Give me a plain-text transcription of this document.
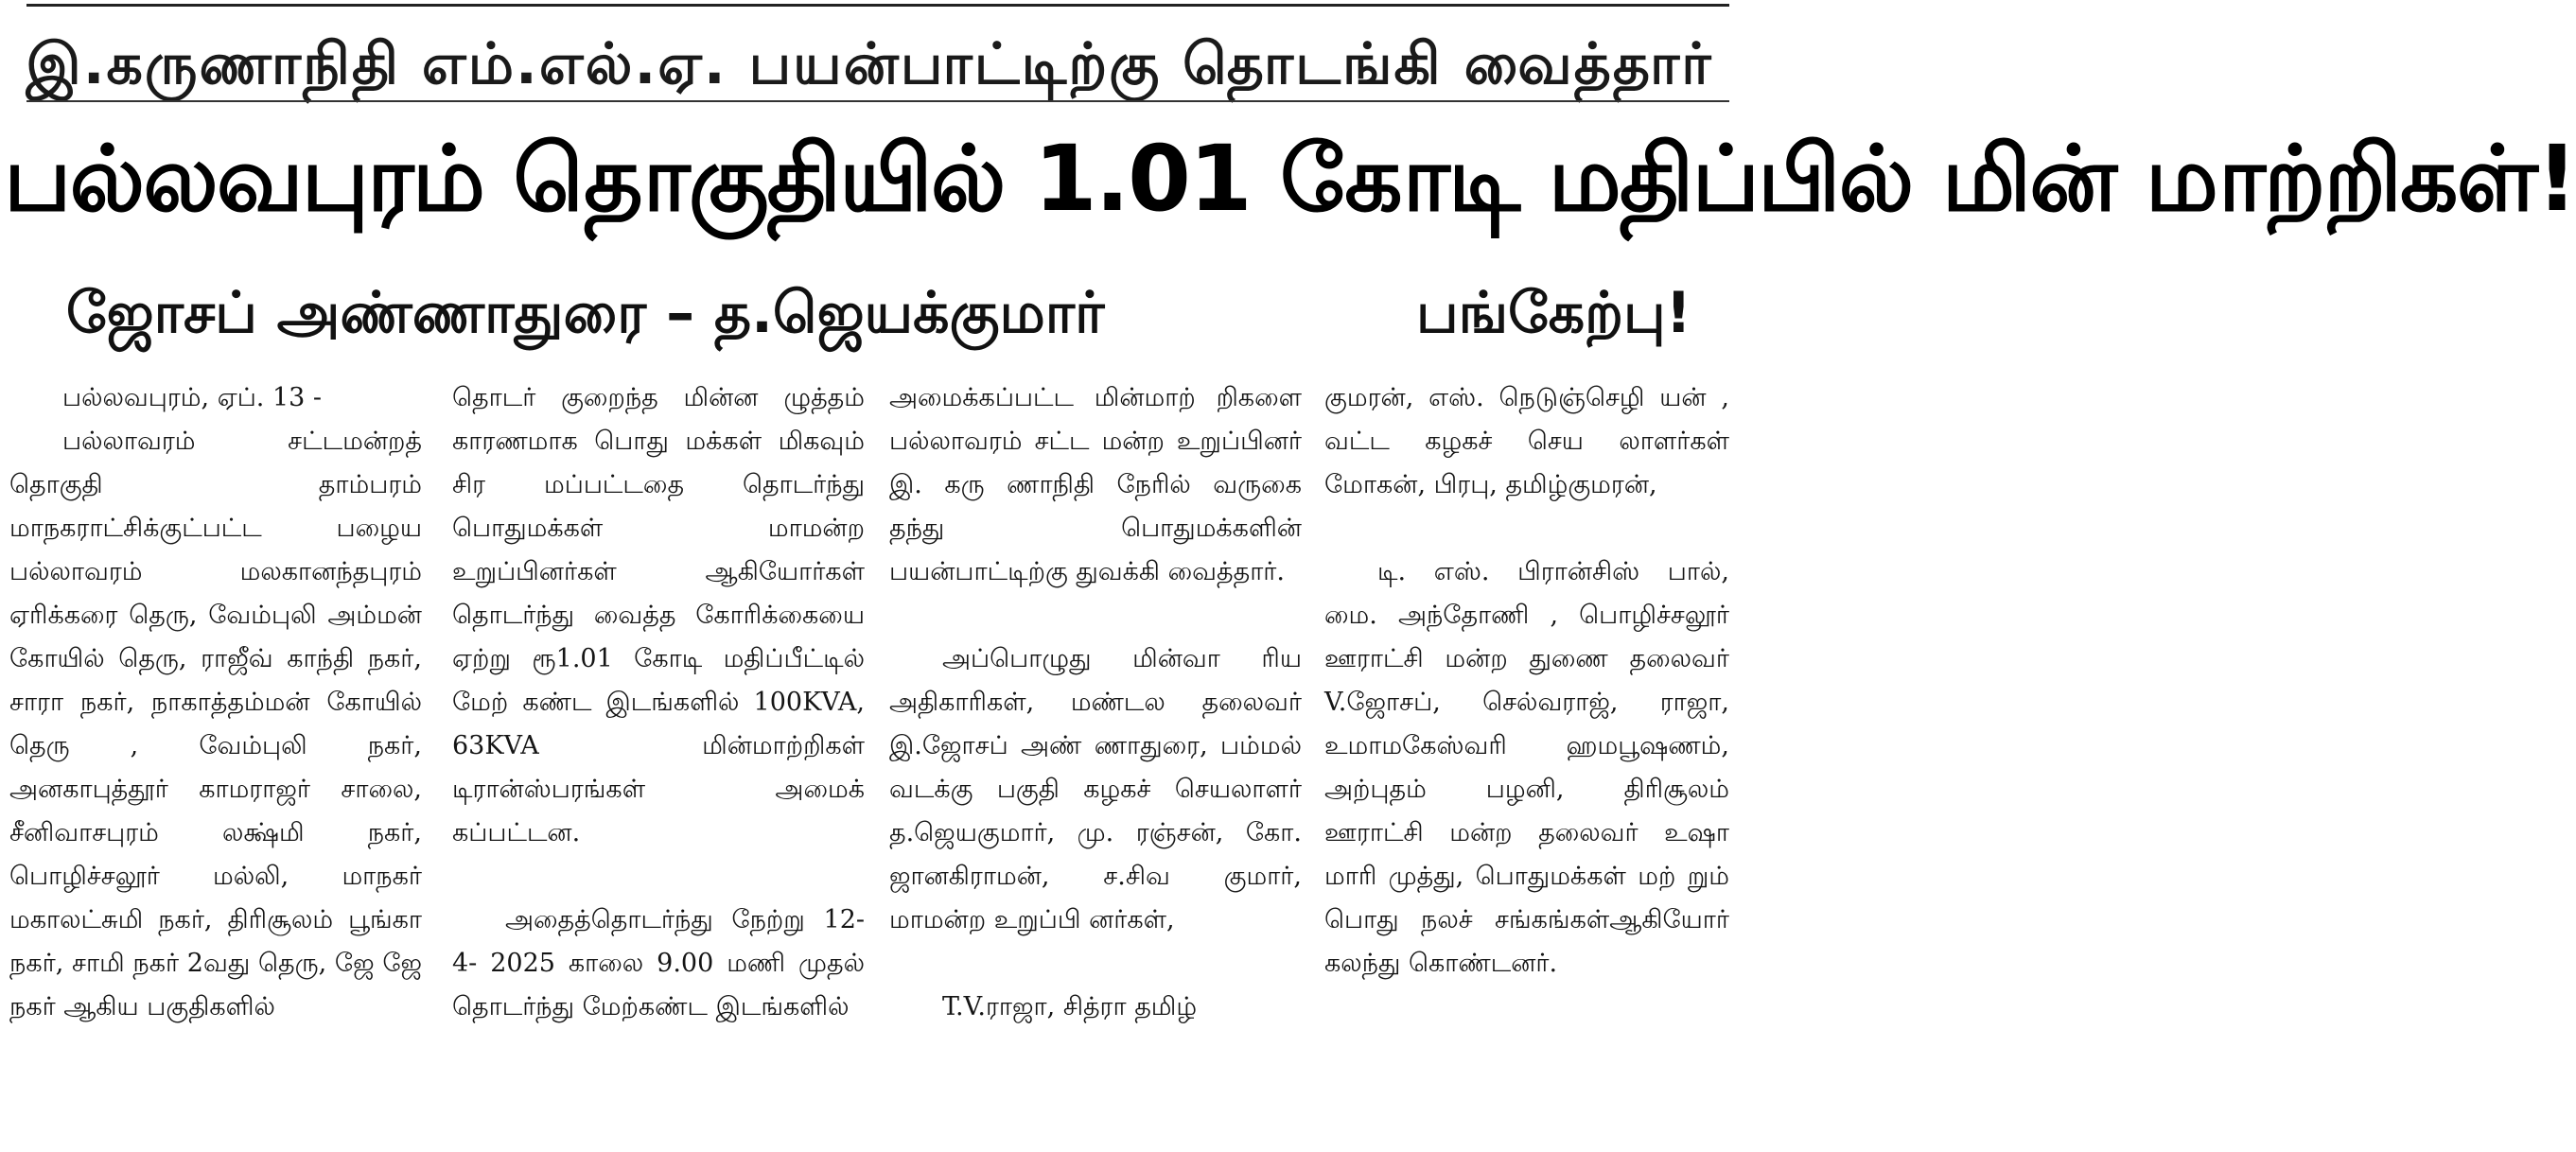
இ.கருணாநிதி எம்.எல்.ஏ. பயன்பாட்டிற்கு தொடங்கி வைத்தார்
பல்லவபுரம் தொகுதியில் 1.01 கோடி மதிப்பில் மின் மாற்றிகள்!
ஜோசப் அண்ணாதுரை – த.ஜெயக்குமார்	பங்கேற்பு!

பல்லவபுரம், ஏப். 13 -

பல்லாவரம் சட்டமன்றத் தொகுதி தாம்பரம் மாநகராட்சிக்குட்பட்ட பழைய பல்லாவரம் மலகானந்தபுரம் ஏரிக்கரை தெரு, வேம்புலி அம்மன் கோயில் தெரு, ராஜீவ் காந்தி நகர், சாரா நகர், நாகாத்தம்மன் கோயில் தெரு , வேம்புலி நகர், அனகாபுத்தூர் காமராஜர் சாலை, சீனிவாசபுரம் லக்ஷ்மி நகர், பொழிச்சலூர் மல்லி, மாநகர் மகாலட்சுமி நகர், திரிசூலம் பூங்கா நகர், சாமி நகர் 2வது தெரு, ஜே ஜே நகர் ஆகிய பகுதிகளில்

தொடர் குறைந்த மின்ன ழுத்தம் காரணமாக பொது மக்கள் மிகவும் சிர மப்பட்டதை தொடர்ந்து பொதுமக்கள் மாமன்ற உறுப்பினர்கள் ஆகியோர்கள் தொடர்ந்து வைத்த கோரிக்கையை ஏற்று ரூ1.01 கோடி மதிப்பீட்டில் மேற் கண்ட இடங்களில் 100KVA, 63KVA மின்மாற்றிகள் டிரான்ஸ்பரங்கள் அமைக் கப்பட்டன.

அதைத்தொடர்ந்து நேற்று 12-4- 2025 காலை 9.00 மணி முதல் தொடர்ந்து மேற்கண்ட இடங்களில்

அமைக்கப்பட்ட மின்மாற் றிகளை பல்லாவரம் சட்ட மன்ற உறுப்பினர் இ. கரு ணாநிதி நேரில் வருகை தந்து பொதுமக்களின் பயன்பாட்டிற்கு துவக்கி வைத்தார்.

அப்பொழுது மின்வா ரிய அதிகாரிகள், மண்டல தலைவர் இ.ஜோசப் அண் ணாதுரை, பம்மல் வடக்கு பகுதி கழகச் செயலாளர் த.ஜெயகுமார், மு. ரஞ்சன், கோ. ஜானகிராமன், ச.சிவ குமார், மாமன்ற உறுப்பி னர்கள்,

T.V.ராஜா, சித்ரா தமிழ்

குமரன், எஸ். நெடுஞ்செழி யன் , வட்ட கழகச் செய லாளர்கள் மோகன், பிரபு, தமிழ்குமரன்,

டி. எஸ். பிரான்சிஸ் பால், மை. அந்தோணி , பொழிச்சலூர் ஊராட்சி மன்ற துணை தலைவர் V.ஜோசப், செல்வராஜ், ராஜா, உமாமகேஸ்வரி ஹமபூஷணம், அற்புதம் பழனி, திரிசூலம் ஊராட்சி மன்ற தலைவர் உஷா மாரி முத்து, பொதுமக்கள் மற் றும் பொது நலச் சங்கங்கள்ஆகியோர் கலந்து கொண்டனர்.
